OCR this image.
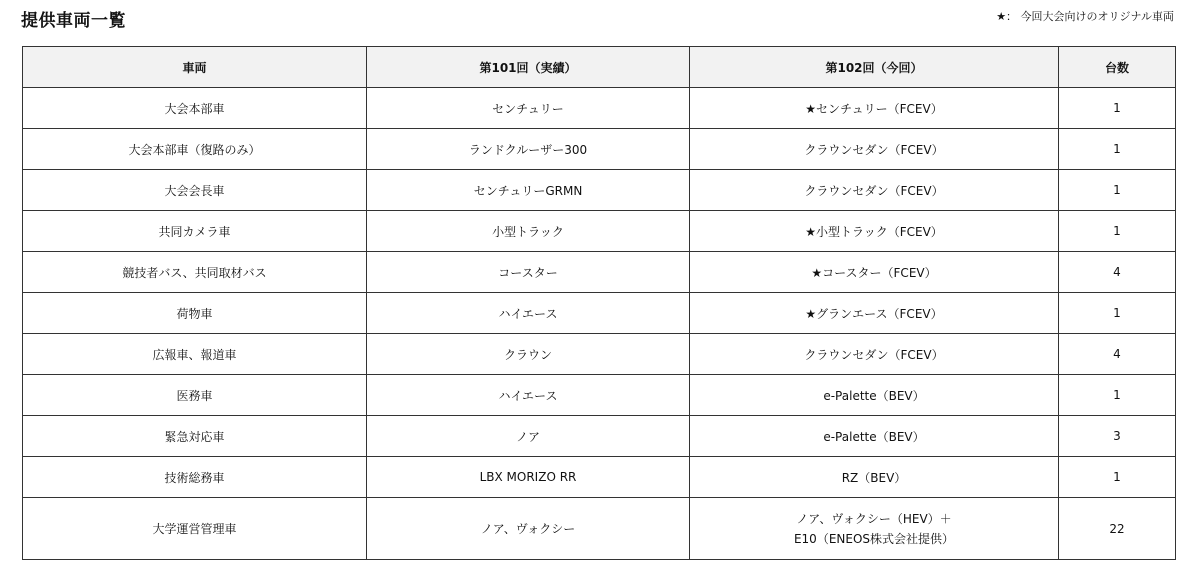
提供車両一覧	★： 今回大会向けのオリジナル車両
車両	第101回（実績）	第102回（今回）	台数
大会本部車	センチュリー	★センチュリー（FCEV）	1
大会本部車（復路のみ）	ランドクルーザー300	クラウンセダン（FCEV）	1
大会会長車	センチュリーGRMN	クラウンセダン（FCEV）	1
共同カメラ車	小型トラック	★小型トラック（FCEV）	1
競技者バス、共同取材バス	コースター	★コースター（FCEV）	4
荷物車	ハイエース	★グランエース（FCEV）	1
広報車、報道車	クラウン	クラウンセダン（FCEV）	4
医務車	ハイエース	e-Palette（BEV）	1
緊急対応車	ノア	e-Palette（BEV）	3
技術総務車	LBX MORIZO RR	RZ（BEV）	1
大学運営管理車	ノア、ヴォクシー	ノア、ヴォクシー（HEV）＋
E10（ENEOS株式会社提供）	22
